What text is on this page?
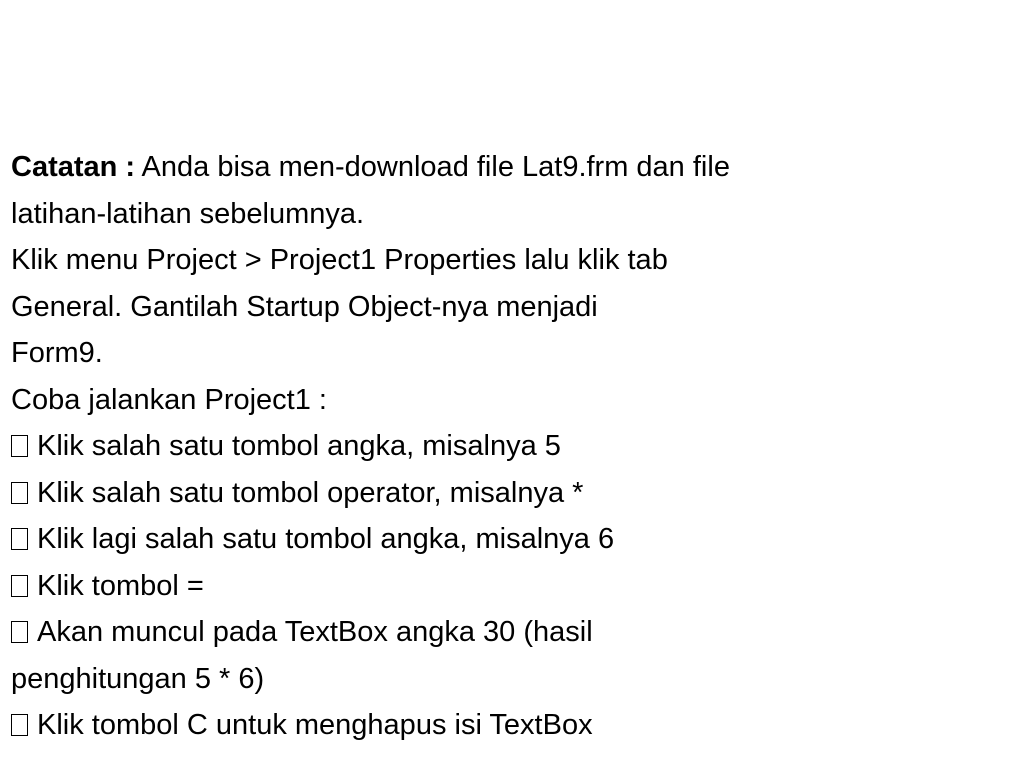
Catatan : Anda bisa men-download file Lat9.frm dan file
latihan-latihan sebelumnya.
Klik menu Project > Project1 Properties lalu klik tab
General. Gantilah Startup Object-nya menjadi
Form9.
Coba jalankan Project1 :
Klik salah satu tombol angka, misalnya 5
Klik salah satu tombol operator, misalnya *
Klik lagi salah satu tombol angka, misalnya 6
Klik tombol =
Akan muncul pada TextBox angka 30 (hasil
penghitungan 5 * 6)
Klik tombol C untuk menghapus isi TextBox
